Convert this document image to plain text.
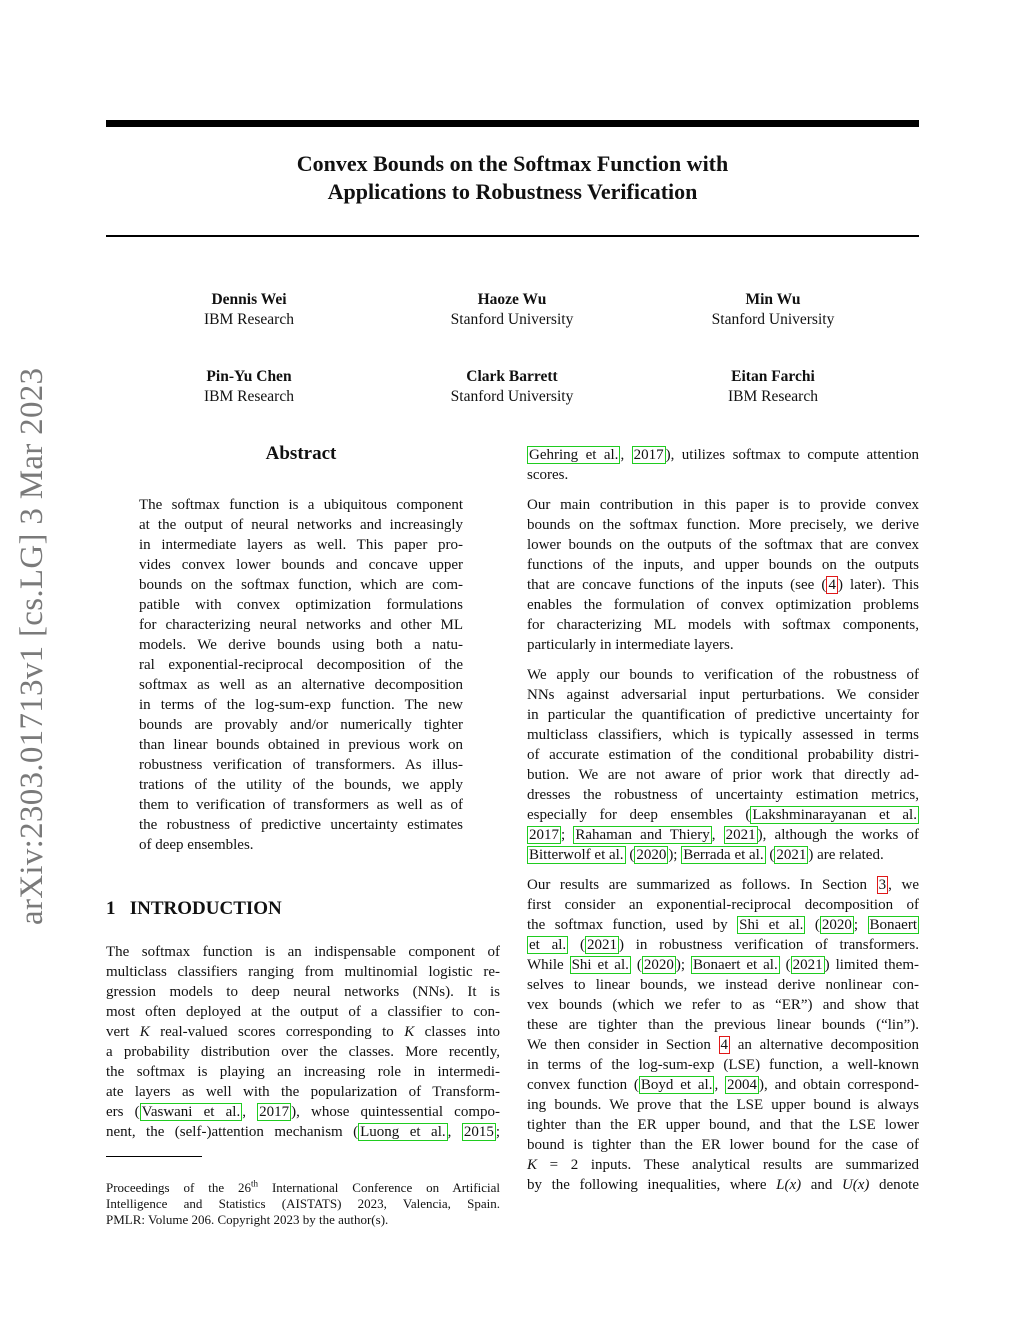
Convex Bounds on the Softmax Function with
Applications to Robustness Verification
Dennis Wei
IBM Research
Haoze Wu
Stanford University
Min Wu
Stanford University
Pin-Yu Chen
IBM Research
Clark Barrett
Stanford University
Eitan Farchi
IBM Research
arXiv:2303.01713v1 [cs.LG] 3 Mar 2023	Abstract
The softmax function is a ubiquitous component
at the output of neural networks and increasingly
in intermediate layers as well. This paper pro-
vides convex lower bounds and concave upper
bounds on the softmax function, which are com-
patible with convex optimization formulations
for characterizing neural networks and other ML
models. We derive bounds using both a natu-
ral exponential-reciprocal decomposition of the
softmax as well as an alternative decomposition
in terms of the log-sum-exp function. The new
bounds are provably and/or numerically tighter
than linear bounds obtained in previous work on
robustness verification of transformers. As illus-
trations of the utility of the bounds, we apply
them to verification of transformers as well as of
the robustness of predictive uncertainty estimates
of deep ensembles.
1 INTRODUCTION
The softmax function is an indispensable component of
multiclass classifiers ranging from multinomial logistic re-
gression models to deep neural networks (NNs). It is
most often deployed at the output of a classifier to con-
vert K real-valued scores corresponding to K classes into
a probability distribution over the classes. More recently,
the softmax is playing an increasing role in intermedi-
ate layers as well with the popularization of Transform-
ers ( Vaswani et al. , 2017 ), whose quintessential compo-
nent, the (self-)attention mechanism ( Luong et al. , 2015 ;
Proceedings of the 26th International Conference on Artificial
Intelligence and Statistics (AISTATS) 2023, Valencia, Spain.
PMLR: Volume 206. Copyright 2023 by the author(s).
Gehring et al. , 2017 ), utilizes softmax to compute attention
scores.
Our main contribution in this paper is to provide convex
bounds on the softmax function. More precisely, we derive
lower bounds on the outputs of the softmax that are convex
functions of the inputs, and upper bounds on the outputs
that are concave functions of the inputs (see ( 4 ) later). This
enables the formulation of convex optimization problems
for characterizing ML models with softmax components,
particularly in intermediate layers.
We apply our bounds to verification of the robustness of
NNs against adversarial input perturbations. We consider
in particular the quantification of predictive uncertainty for
multiclass classifiers, which is typically assessed in terms
of accurate estimation of the conditional probability distri-
bution. We are not aware of prior work that directly ad-
dresses the robustness of uncertainty estimation metrics,
especially for deep ensembles ( Lakshminarayanan et al.
2017 ; Rahaman and Thiery , 2021 ), although the works of
Bitterwolf et al. ( 2020 ); Berrada et al. ( 2021 ) are related.
Our results are summarized as follows. In Section 3 , we
first consider an exponential-reciprocal decomposition of
the softmax function, used by Shi et al. ( 2020 ; Bonaert
et al. ( 2021 ) in robustness verification of transformers.
While Shi et al. ( 2020 ); Bonaert et al. ( 2021 ) limited them-
selves to linear bounds, we instead derive nonlinear con-
vex bounds (which we refer to as “ER”) and show that
these are tighter than the previous linear bounds (“lin”).
We then consider in Section 4 an alternative decomposition
in terms of the log-sum-exp (LSE) function, a well-known
convex function ( Boyd et al. , 2004 ), and obtain correspond-
ing bounds. We prove that the LSE upper bound is always
tighter than the ER upper bound, and that the LSE lower
bound is tighter than the ER lower bound for the case of
K = 2 inputs. These analytical results are summarized
by the following inequalities, where L(x) and U(x) denote
